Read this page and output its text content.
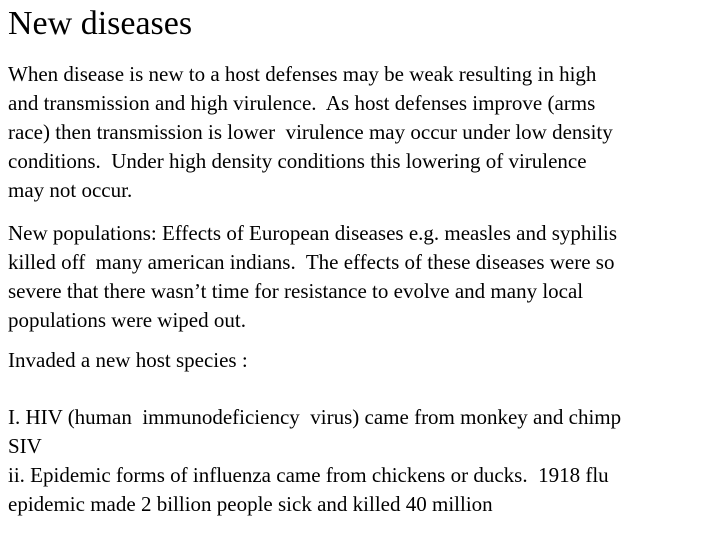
New diseases
When disease is new to a host defenses may be weak resulting in high
and transmission and high virulence.  As host defenses improve (arms
race) then transmission is lower  virulence may occur under low density
conditions.  Under high density conditions this lowering of virulence
may not occur.
New populations: Effects of European diseases e.g. measles and syphilis
killed off  many american indians.  The effects of these diseases were so
severe that there wasn’t time for resistance to evolve and many local
populations were wiped out.
Invaded a new host species :
I. HIV (human  immunodeficiency  virus) came from monkey and chimp
SIV
ii. Epidemic forms of influenza came from chickens or ducks.  1918 flu
epidemic made 2 billion people sick and killed 40 million
